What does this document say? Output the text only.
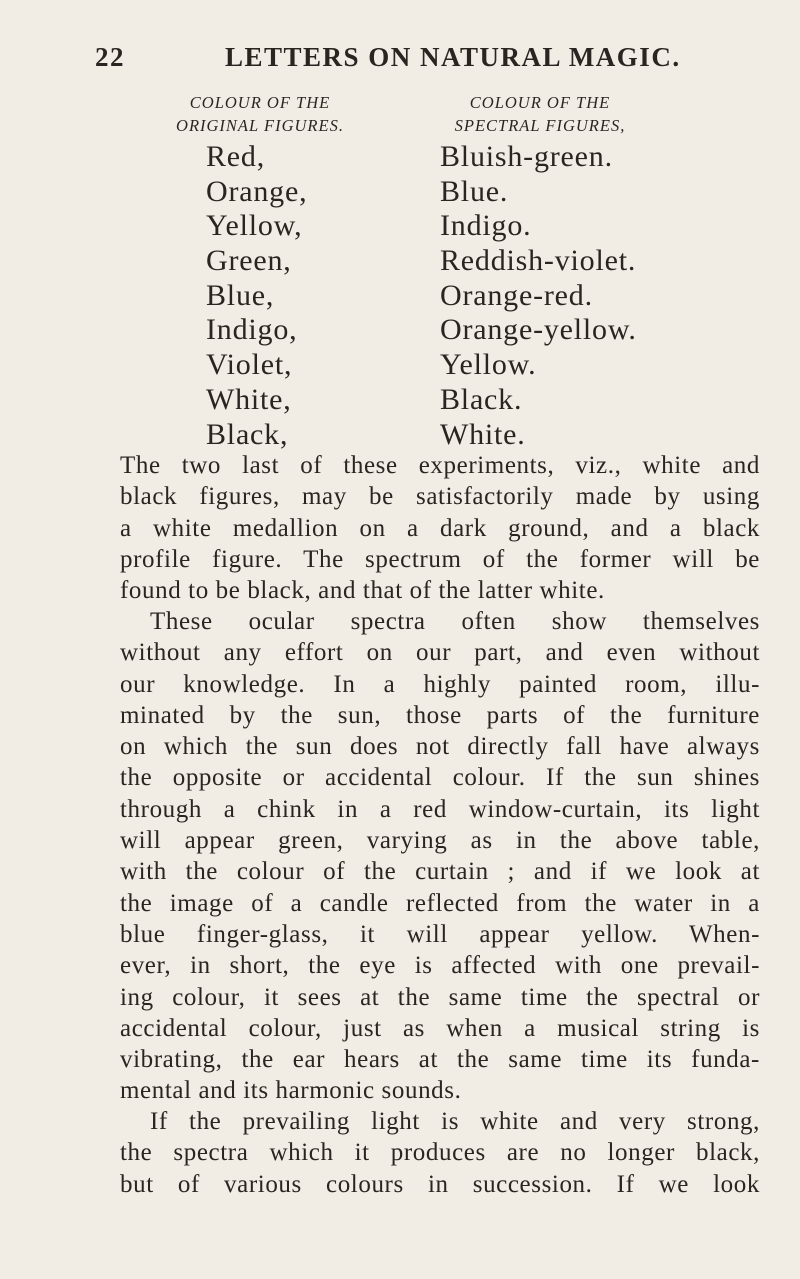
22	LETTERS ON NATURAL MAGIC.
COLOUR OF THE
ORIGINAL FIGURES.
COLOUR OF THE
SPECTRAL FIGURES,
Red,
Orange,
Yellow,
Green,
Blue,
Indigo,
Violet,
White,
Black,
Bluish-green.
Blue.
Indigo.
Reddish-violet.
Orange-red.
Orange-yellow.
Yellow.
Black.
White.
The two last of these experiments, viz., white and
black figures, may be satisfactorily made by using
a white medallion on a dark ground, and a black
profile figure. The spectrum of the former will be
found to be black, and that of the latter white.
These ocular spectra often show themselves
without any effort on our part, and even without
our knowledge. In a highly painted room, illu-
minated by the sun, those parts of the furniture
on which the sun does not directly fall have always
the opposite or accidental colour. If the sun shines
through a chink in a red window-curtain, its light
will appear green, varying as in the above table,
with the colour of the curtain ; and if we look at
the image of a candle reflected from the water in a
blue finger-glass, it will appear yellow. When-
ever, in short, the eye is affected with one prevail-
ing colour, it sees at the same time the spectral or
accidental colour, just as when a musical string is
vibrating, the ear hears at the same time its funda-
mental and its harmonic sounds.
If the prevailing light is white and very strong,
the spectra which it produces are no longer black,
but of various colours in succession. If we look
